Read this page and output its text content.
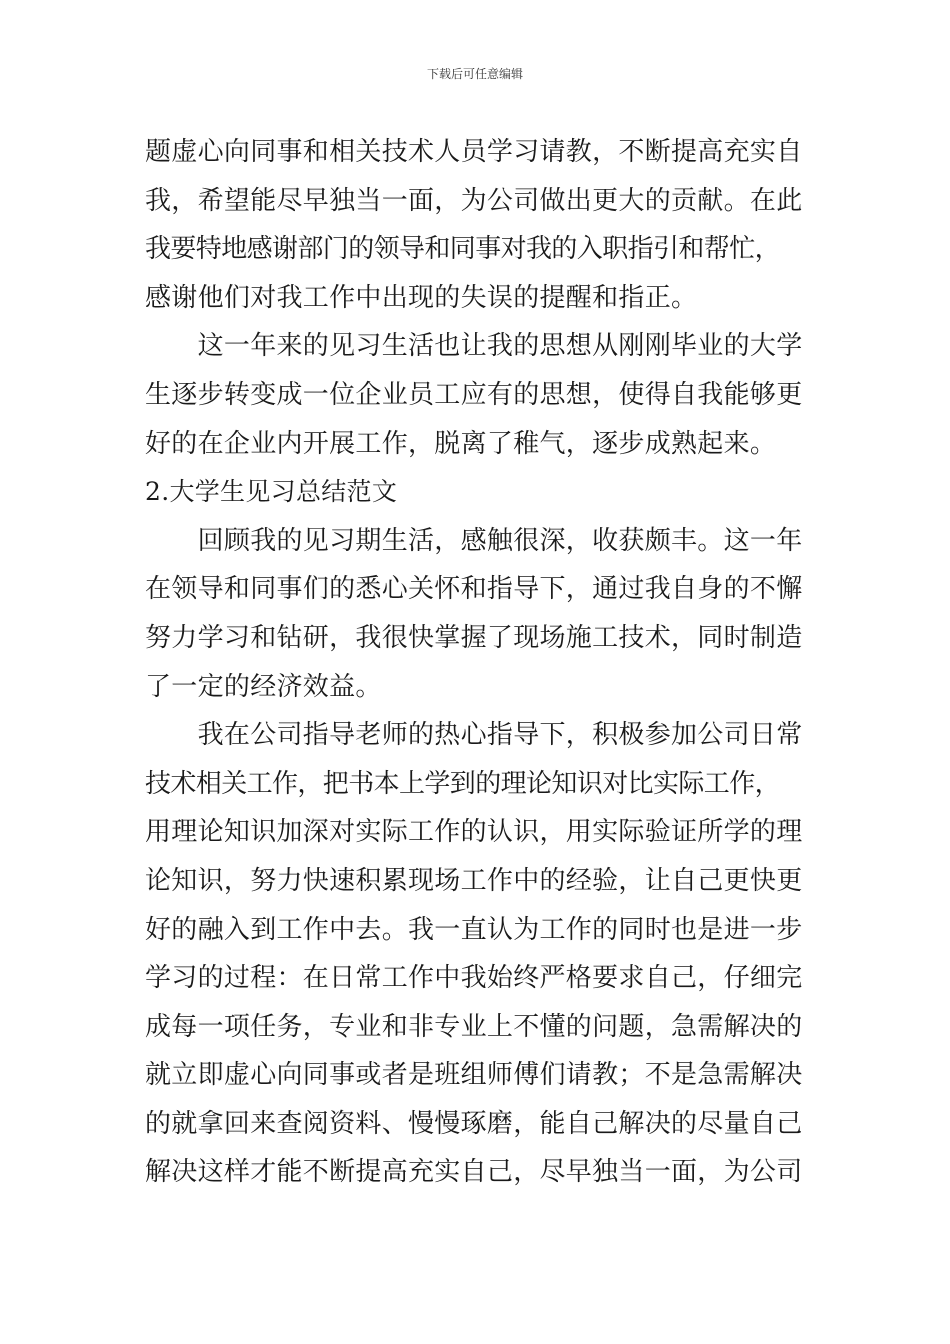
下载后可任意编辑
题虚心向同事和相关技术人员学习请教，不断提高充实自
我，希望能尽早独当一面，为公司做出更大的贡献。在此
我要特地感谢部门的领导和同事对我的入职指引和帮忙，
感谢他们对我工作中出现的失误的提醒和指正。
　　这一年来的见习生活也让我的思想从刚刚毕业的大学
生逐步转变成一位企业员工应有的思想，使得自我能够更
好的在企业内开展工作，脱离了稚气，逐步成熟起来。
2.大学生见习总结范文
　　回顾我的见习期生活，感触很深，收获颇丰。这一年
在领导和同事们的悉心关怀和指导下，通过我自身的不懈
努力学习和钻研，我很快掌握了现场施工技术，同时制造
了一定的经济效益。
　　我在公司指导老师的热心指导下，积极参加公司日常
技术相关工作，把书本上学到的理论知识对比实际工作，
用理论知识加深对实际工作的认识，用实际验证所学的理
论知识，努力快速积累现场工作中的经验，让自己更快更
好的融入到工作中去。我一直认为工作的同时也是进一步
学习的过程：在日常工作中我始终严格要求自己，仔细完
成每一项任务，专业和非专业上不懂的问题，急需解决的
就立即虚心向同事或者是班组师傅们请教；不是急需解决
的就拿回来查阅资料、慢慢琢磨，能自己解决的尽量自己
解决这样才能不断提高充实自己，尽早独当一面，为公司
